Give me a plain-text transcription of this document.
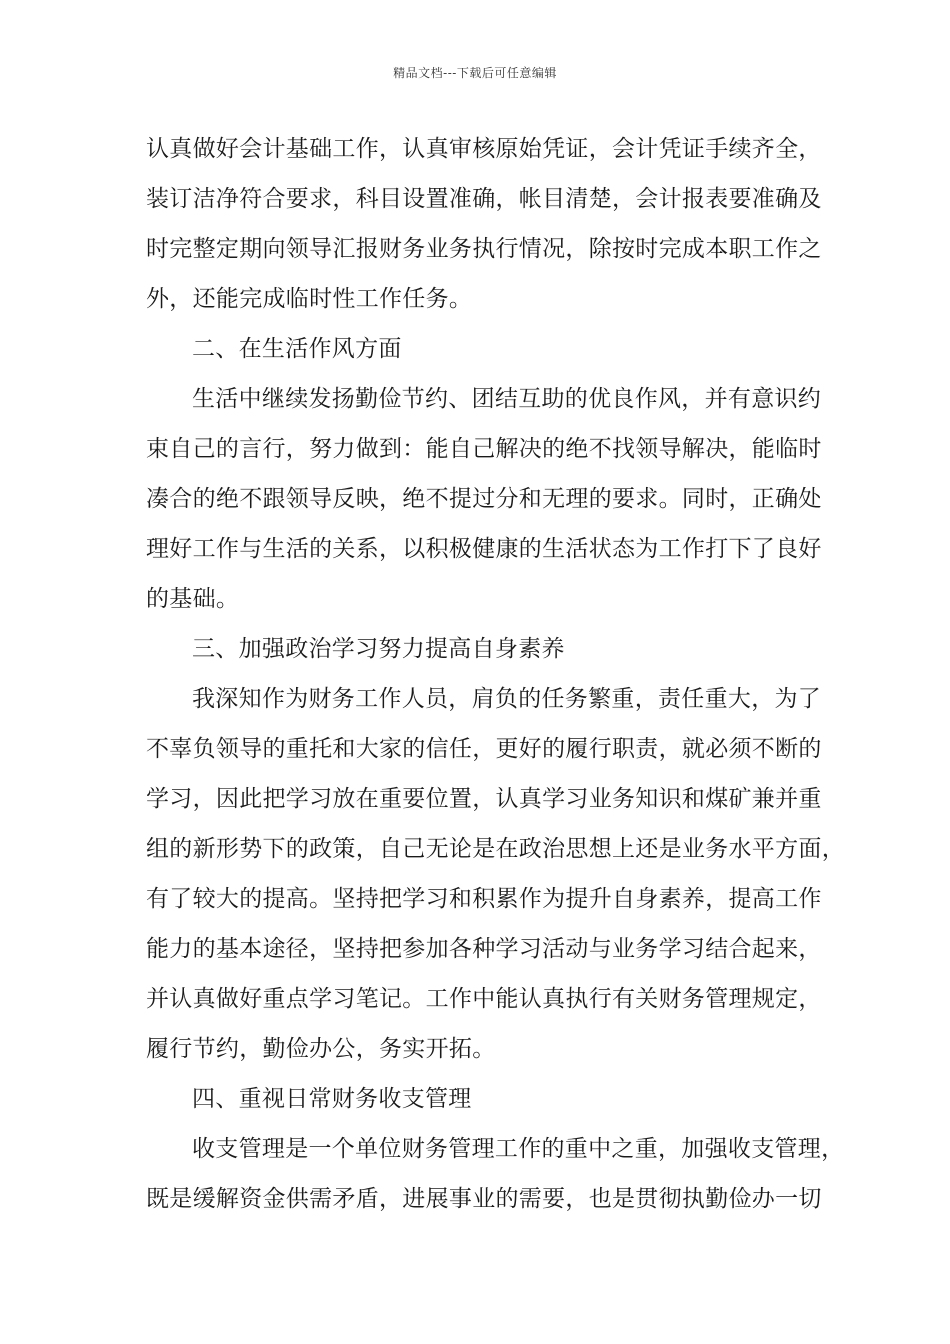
精品文档---下载后可任意编辑
认真做好会计基础工作，认真审核原始凭证，会计凭证手续齐全，
装订洁净符合要求，科目设置准确，帐目清楚，会计报表要准确及
时完整定期向领导汇报财务业务执行情况，除按时完成本职工作之
外，还能完成临时性工作任务。
二、在生活作风方面
生活中继续发扬勤俭节约、团结互助的优良作风，并有意识约
束自己的言行，努力做到：能自己解决的绝不找领导解决，能临时
凑合的绝不跟领导反映，绝不提过分和无理的要求。同时，正确处
理好工作与生活的关系，以积极健康的生活状态为工作打下了良好
的基础。
三、加强政治学习努力提高自身素养
我深知作为财务工作人员，肩负的任务繁重，责任重大，为了
不辜负领导的重托和大家的信任，更好的履行职责，就必须不断的
学习，因此把学习放在重要位置，认真学习业务知识和煤矿兼并重
组的新形势下的政策，自己无论是在政治思想上还是业务水平方面，
有了较大的提高。坚持把学习和积累作为提升自身素养，提高工作
能力的基本途径，坚持把参加各种学习活动与业务学习结合起来，
并认真做好重点学习笔记。工作中能认真执行有关财务管理规定，
履行节约，勤俭办公，务实开拓。
四、重视日常财务收支管理
收支管理是一个单位财务管理工作的重中之重，加强收支管理，
既是缓解资金供需矛盾，进展事业的需要，也是贯彻执勤俭办一切
